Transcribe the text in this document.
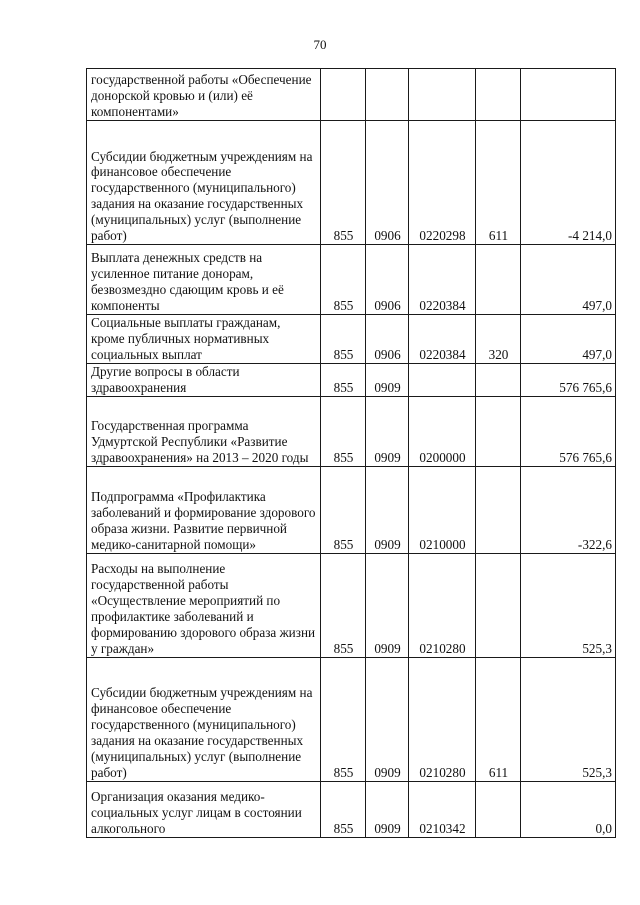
70
государственной работы «Обеспечение донорской кровью и (или) её компонентами»					
Субсидии бюджетным учреждениям на финансовое обеспечение государственного (муниципального) задания на оказание государственных (муниципальных) услуг (выполнение работ)	855	0906	0220298	611	-4 214,0
Выплата денежных средств на усиленное питание донорам, безвозмездно сдающим кровь и её компоненты	855	0906	0220384		497,0
Социальные выплаты гражданам, кроме публичных нормативных социальных выплат	855	0906	0220384	320	497,0
Другие вопросы в области здравоохранения	855	0909			576 765,6
Государственная программа Удмуртской Республики «Развитие здравоохранения» на 2013 – 2020 годы	855	0909	0200000		576 765,6
Подпрограмма «Профилактика заболеваний и формирование здорового образа жизни. Развитие первичной медико-санитарной помощи»	855	0909	0210000		-322,6
Расходы на выполнение государственной работы «Осуществление мероприятий по профилактике заболеваний и формированию здорового образа жизни у граждан»	855	0909	0210280		525,3
Субсидии бюджетным учреждениям на финансовое обеспечение государственного (муниципального) задания на оказание государственных (муниципальных) услуг (выполнение работ)	855	0909	0210280	611	525,3
Организация оказания медико-социальных услуг лицам в состоянии алкогольного	855	0909	0210342		0,0
